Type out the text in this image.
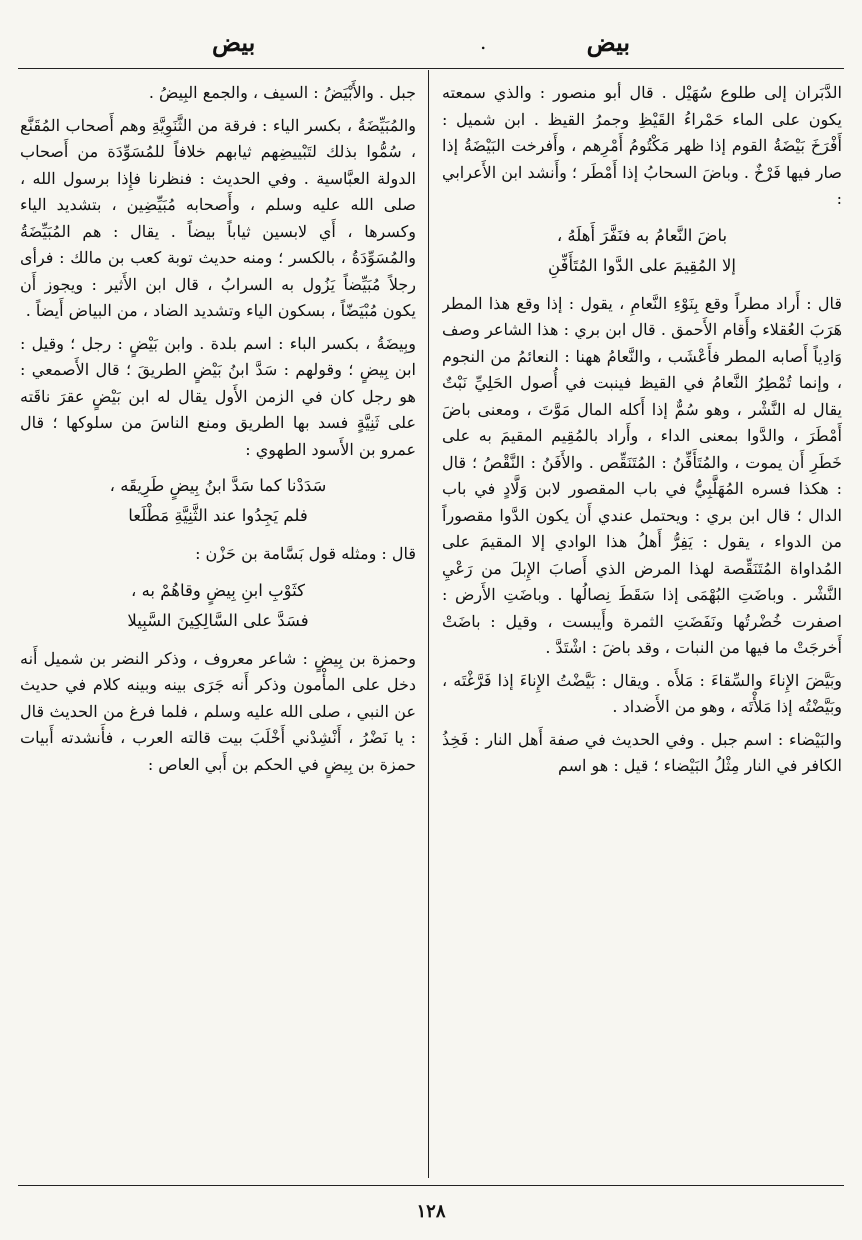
بيض
.
بيض

الدَّبَران إلى طلوع سُهَيْل . قال أبو منصور : والذي سمعته يكون على الماء حَمْراءُ القَيْظِ وجمرُ القيظ . ابن شميل : أَفْرَخَ بَيْضَةُ القوم إذا ظهر مَكْتُومُ أَمْرِهم ، وأَفرخت البَيْضَةُ إذا صار فيها فَرْخٌ . وباضَ السحابُ إذا أَمْطَر ؛ وأَنشد ابن الأَعرابي :

باضَ النَّعامُ به فنَفَّرَ أَهلَهُ ،
إلا المُقِيمَ على الدَّوا المُتَأَفِّنِ

قال : أَراد مطراً وقع بِنَوْءِ النَّعامِ ، يقول : إذا وقع هذا المطر هَرَبَ العُقلاء وأَقام الأَحمق . قال ابن بري : هذا الشاعر وصف وَادِياً أَصابه المطر فأَعْشَب ، والنَّعامُ ههنا : النعائمُ من النجوم ، وإنما تُمْطِرُ النَّعامُ في القيظ فينبت في أُصول الحَلِيِّ نَبْتٌ يقال له النَّشْر ، وهو سُمٌّ إذا أَكله المال مَوَّتَ ، ومعنى باضَ أَمْطَرَ ، والدَّوا بمعنى الداء ، وأَراد بالمُقِيم المقيمَ به على خَطَرِ أَن يموت ، والمُتَأَفِّنُ : المُتَنَقِّص . والأَفَنُ : النَّقْصُ ؛ قال : هكذا فسره المُهَلَّبِيُّ في باب المقصور لابن وَلَّادٍ في باب الدال ؛ قال ابن بري : ويحتمل عندي أَن يكون الدَّوا مقصوراً من الدواء ، يقول : يَفِرُّ أَهلُ هذا الوادي إلا المقيمَ على المُداواة المُتَنَقِّصة لهذا المرض الذي أَصابَ الإِبلَ من رَعْيِ النَّشْر . وباضَتِ البُهْمَى إذا سَقَطَ نِصالُها . وباضَتِ الأَرض : اصفرت خُضْرتُها ونَفَضَتِ الثمرة وأَيبست ، وقيل : باضَتْ أَخرجَتْ ما فيها من النبات ، وقد باضَ : اشْتَدَّ .

وبَيَّضَ الإِناءَ والسِّقاءَ : مَلأَه . ويقال : بَيَّضْتُ الإِناءَ إذا فَرَّغْتَه ، وبَيَّضْتُه إذا مَلأْتَه ، وهو من الأَضداد .

والبَيْضاء : اسم جبل . وفي الحديث في صفة أَهل النار : فَخِذُ الكافر في النار مِثْلُ البَيْضاء ؛ قيل : هو اسم

جبل . والأَبْيَضُ : السيف ، والجمع البِيضُ .

والمُبَيِّضَةُ ، بكسر الياء : فرقة من الثَّنَوِيَّةِ وهم أَصحاب المُقَنَّع ، سُمُّوا بذلك لتَبْييضِهم ثيابهم خلافاً للمُسَوِّدَة من أَصحاب الدولة العبَّاسية . وفي الحديث : فنظرنا فإِذا برسول الله ، صلى الله عليه وسلم ، وأَصحابه مُبَيِّضِين ، بتشديد الياء وكسرها ، أَي لابسين ثياباً بيضاً . يقال : هم المُبَيِّضَةُ والمُسَوِّدَةُ ، بالكسر ؛ ومنه حديث توبة كعب بن مالك : فرأى رجلاً مُبَيِّضاً يَزُول به السرابُ ، قال ابن الأَثير : ويجوز أَن يكون مُبْيَضّاً ، بسكون الياء وتشديد الضاد ، من البياض أَيضاً .

وبِيضَةُ ، بكسر الباء : اسم بلدة . وابن بَيْضٍ : رجل ؛ وقيل : ابن بِيضٍ ؛ وقولهم : سَدَّ ابنُ بَيْضٍ الطريقَ ؛ قال الأَصمعي : هو رجل كان في الزمن الأَول يقال له ابن بَيْضٍ عقرَ ناقَته على ثَنِيَّةٍ فسد بها الطريق ومنع الناسَ من سلوكها ؛ قال عمرو بن الأَسود الطهوي :

سَدَدْنا كما سَدَّ ابنُ بِيضٍ طَرِيقَه ،
فلم يَجِدُوا عند الثَّنِيَّةِ مَطْلَعا

قال : ومثله قول بَسَّامة بن حَزْن :

كثَوْبِ ابنِ بِيضٍ وقاهُمْ به ،
فسَدَّ على السَّالِكِينَ السَّبِيلا

وحمزة بن بِيضٍ : شاعر معروف ، وذكر النضر بن شميل أَنه دخل على المأْمون وذكر أَنه جَرَى بينه وبينه كلام في حديث عن النبي ، صلى الله عليه وسلم ، فلما فرغ من الحديث قال : يا نَضْرُ ، أَنْشِدْني أَخْلَبَ بيت قالته العرب ، فأَنشدته أَبيات حمزة بن بِيضٍ في الحكم بن أَبي العاص :

١٢٨
